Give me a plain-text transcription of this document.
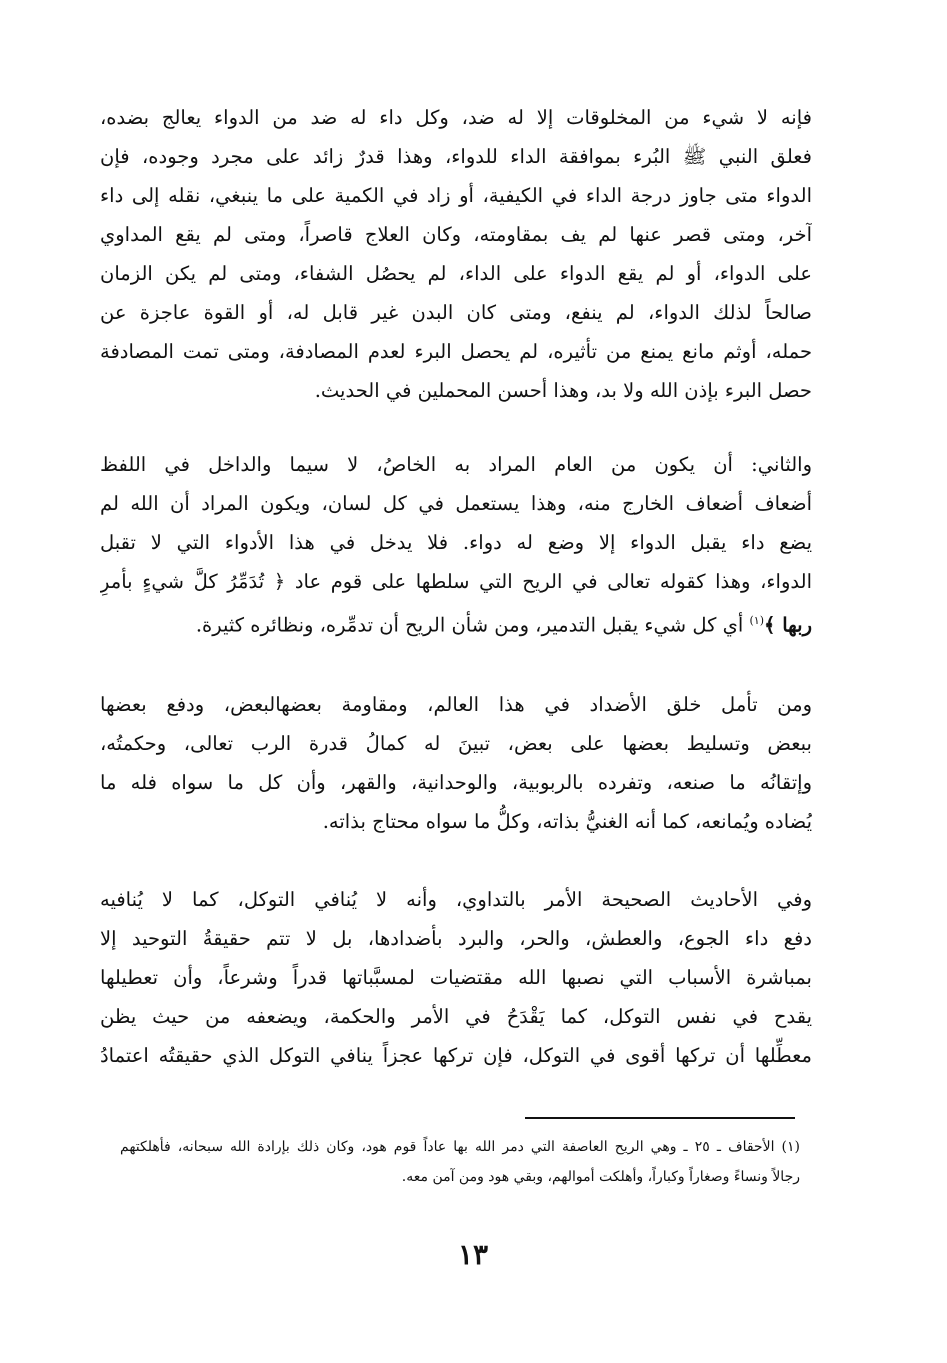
فإنه لا شيء من المخلوقات إلا له ضد، وكل داء له ضد من الدواء يعالج بضده،
فعلق النبي ﷺ البُرء بموافقة الداء للدواء، وهذا قدرٌ زائد على مجرد وجوده، فإن
الدواء متى جاوز درجة الداء في الكيفية، أو زاد في الكمية على ما ينبغي، نقله إلى داء
آخر، ومتى قصر عنها لم يف بمقاومته، وكان العلاج قاصراً، ومتى لم يقع المداوي
على الدواء، أو لم يقع الدواء على الداء، لم يحصُل الشفاء، ومتى لم يكن الزمان
صالحاً لذلك الدواء، لم ينفع، ومتى كان البدن غير قابل له، أو القوة عاجزة عن
حمله، أوثم مانع يمنع من تأثيره، لم يحصل البرء لعدم المصادفة، ومتى تمت المصادفة
حصل البرء بإذن الله ولا بد، وهذا أحسن المحملين في الحديث.
والثاني: أن يكون من العام المراد به الخاصُ، لا سيما والداخل في اللفظ
أضعاف أضعاف الخارج منه، وهذا يستعمل في كل لسان، ويكون المراد أن الله لم
يضع داء يقبل الدواء إلا وضع له دواء. فلا يدخل في هذا الأدواء التي لا تقبل
الدواء، وهذا كقوله تعالى في الريح التي سلطها على قوم عاد ﴿ تُدَمِّرُ كلَّ شيءٍ بأمرِ
ربها ﴾$^{(١)}$ أي كل شيء يقبل التدمير، ومن شأن الريح أن تدمِّره، ونظائره كثيرة.
ومن تأمل خلق الأضداد في هذا العالم، ومقاومة بعضهالبعض، ودفع بعضها
ببعض وتسليط بعضها على بعض، تبينَ له كمالُ قدرة الرب تعالى، وحكمتُه،
وإتقانُه ما صنعه، وتفرده بالربوبية، والوحدانية، والقهر، وأن كل ما سواه فله ما
يُضاده ويُمانعه، كما أنه الغنيُّ بذاته، وكلُّ ما سواه محتاج بذاته.
وفي الأحاديث الصحيحة الأمر بالتداوي، وأنه لا يُنافي التوكل، كما لا يُنافيه
دفع داء الجوع، والعطش، والحر، والبرد بأضدادها، بل لا تتم حقيقةُ التوحيد إلا
بمباشرة الأسباب التي نصبها الله مقتضيات لمسبَّباتها قدراً وشرعاً، وأن تعطيلها
يقدح في نفس التوكل، كما يَقْدَحُ في الأمر والحكمة، ويضعفه من حيث يظن
معطِّلها أن تركها أقوى في التوكل، فإن تركها عجزاً ينافي التوكل الذي حقيقتُه اعتمادُ
(١) الأحقاف ـ ٢٥ ـ وهي الريح العاصفة التي دمر الله بها عاداً قوم هود، وكان ذلك بإرادة الله سبحانه، فأهلكتهم
رجالاً ونساءً وصغاراً وكباراً، وأهلكت أموالهم، وبقي هود ومن آمن معه.
١٣
